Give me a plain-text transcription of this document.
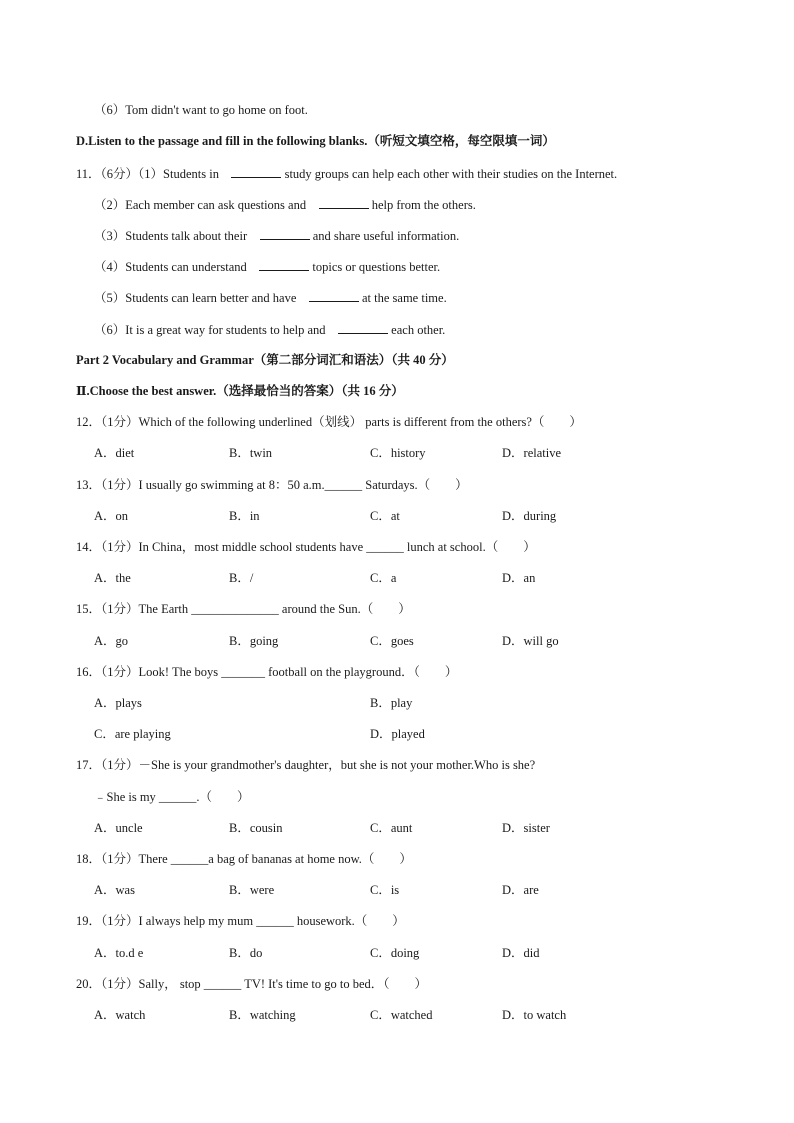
（6）Tom didn't want to go home on foot.
D.Listen to the passage and fill in the following blanks.（听短文填空格，每空限填一词）
11．（6分）（1）Students in	study groups can help each other with their studies on the Internet.
（2）Each member can ask questions and	help from the others.
（3）Students talk about their	and share useful information.
（4）Students can understand	topics or questions better.
（5）Students can learn better and have	at the same time.
（6）It is a great way for students to help and	each other.
Part 2 Vocabulary and Grammar（第二部分词汇和语法）（共 40 分）
Ⅱ.Choose the best answer.（选择最恰当的答案）（共 16 分）
12．（1分）Which of the following underlined（划线） parts is different from the others?（　　）
A．diet	B．twin	C．history	D．relative
13．（1分）I usually go swimming at 8：50 a.m.______ Saturdays.（　　）
A．on	B．in	C．at	D．during
14．（1分）In China，most middle school students have ______ lunch at school.（　　）
A．the	B．/	C．a	D．an
15．（1分）The Earth ______________ around the Sun.（　　）
A．go	B．going	C．goes	D．will go
16．（1分）Look! The boys _______ football on the playground．（　　）
A．plays	B．play
C．are playing	D．played
17．（1分）－She is your grandmother's daughter，but she is not your mother.Who is she?
﹣She is my ______.（　　）
A．uncle	B．cousin	C．aunt	D．sister
18．（1分）There ______a bag of bananas at home now.（　　）
A．was	B．were	C．is	D．are
19．（1分）I always help my mum ______ housework.（　　）
A．to.d e	B．do	C．doing	D．did
20．（1分）Sally， stop ______ TV! It's time to go to bed．（　　）
A．watch	B．watching	C．watched	D．to watch
